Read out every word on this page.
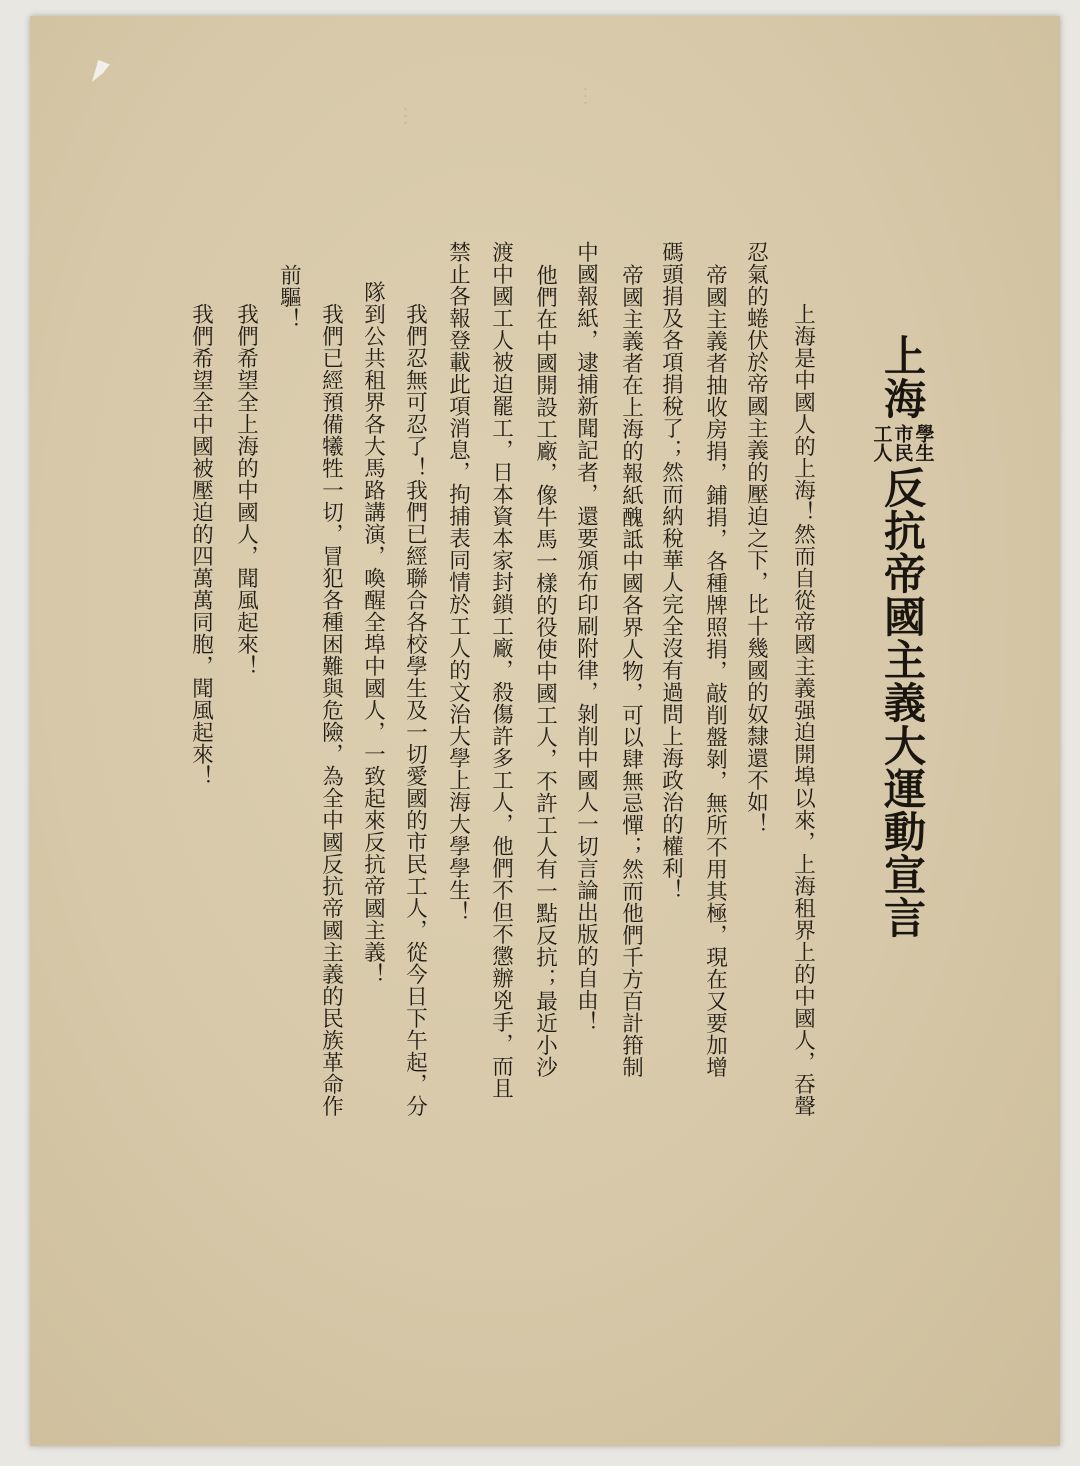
︙
︙
上海
學生
市民
工人
反抗帝國主義大運動宣言
上海是中國人的上海！然而自從帝國主義强迫開埠以來，上海租界上的中國人，吞聲
忍氣的蜷伏於帝國主義的壓迫之下，比十幾國的奴隸還不如！
帝國主義者抽收房捐，鋪捐，各種牌照捐，敲削盤剝，無所不用其極，現在又要加增
碼頭捐及各項捐稅了；然而納稅華人完全沒有過問上海政治的權利！
帝國主義者在上海的報紙醜詆中國各界人物，可以肆無忌憚；然而他們千方百計箝制
中國報紙，逮捕新聞記者，還要頒布印刷附律，剝削中國人一切言論出版的自由！
他們在中國開設工廠，像牛馬一樣的役使中國工人，不許工人有一點反抗；最近小沙
渡中國工人被迫罷工，日本資本家封鎖工廠，殺傷許多工人，他們不但不懲辦兇手，而且
禁止各報登載此項消息，拘捕表同情於工人的文治大學上海大學學生！
我們忍無可忍了！我們已經聯合各校學生及一切愛國的市民工人，從今日下午起，分
隊到公共租界各大馬路講演，喚醒全埠中國人，一致起來反抗帝國主義！
我們已經預備犧牲一切，冒犯各種困難與危險，為全中國反抗帝國主義的民族革命作
前驅！
我們希望全上海的中國人，聞風起來！
我們希望全中國被壓迫的四萬萬同胞，聞風起來！
